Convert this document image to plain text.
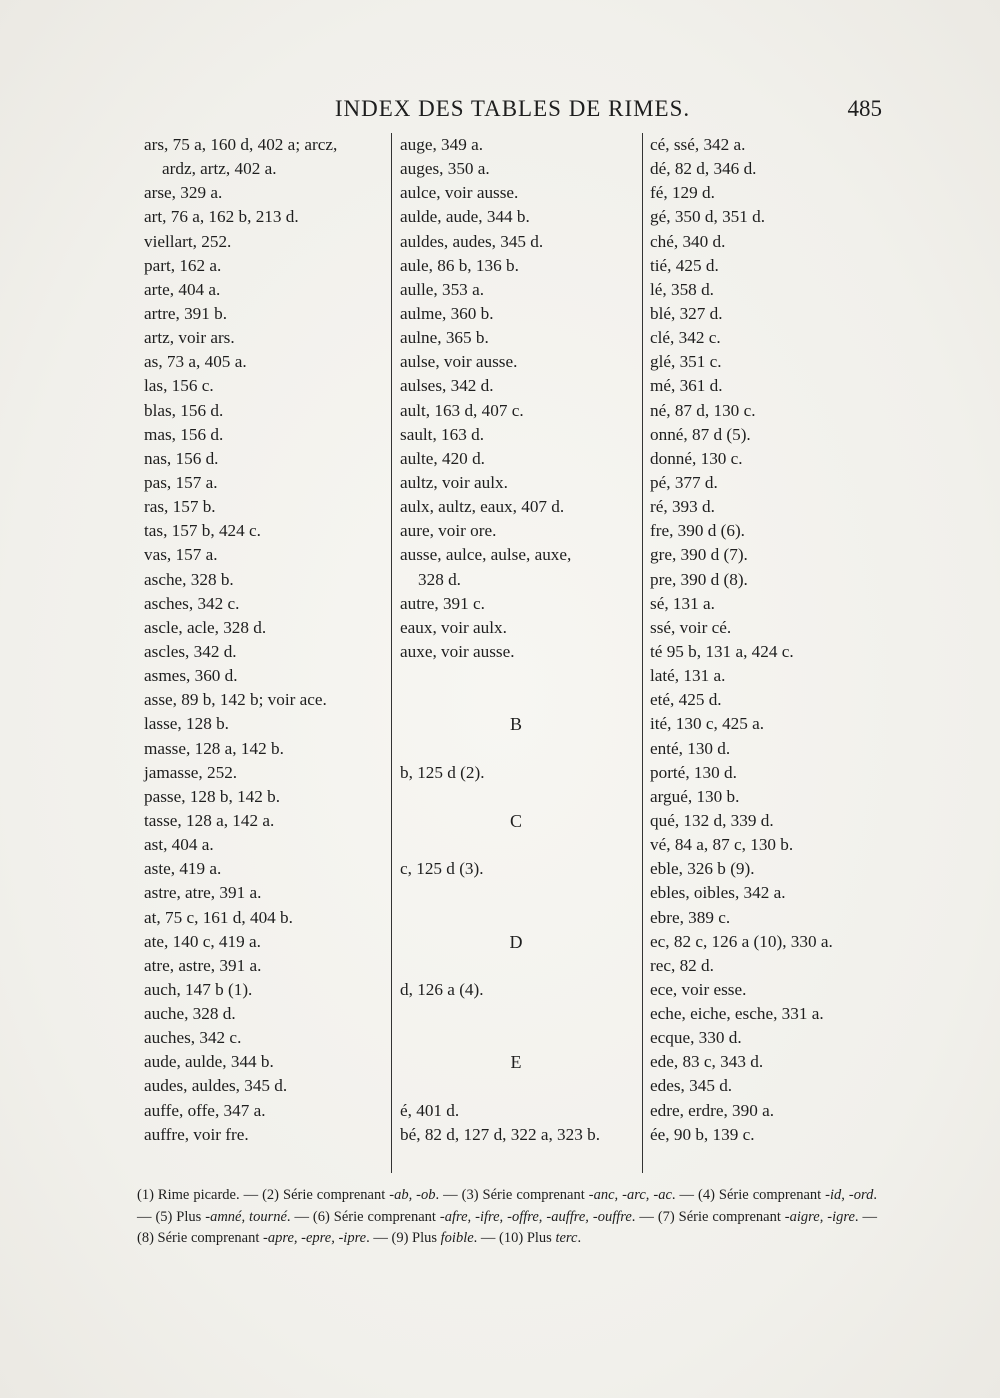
INDEX DES TABLES DE RIMES.	485
ars, 75 a, 160 d, 402 a; arcz,
ardz, artz, 402 a.
arse, 329 a.
art, 76 a, 162 b, 213 d.
viellart, 252.
part, 162 a.
arte, 404 a.
artre, 391 b.
artz, voir ars.
as, 73 a, 405 a.
las, 156 c.
blas, 156 d.
mas, 156 d.
nas, 156 d.
pas, 157 a.
ras, 157 b.
tas, 157 b, 424 c.
vas, 157 a.
asche, 328 b.
asches, 342 c.
ascle, acle, 328 d.
ascles, 342 d.
asmes, 360 d.
asse, 89 b, 142 b; voir ace.
lasse, 128 b.
masse, 128 a, 142 b.
jamasse, 252.
passe, 128 b, 142 b.
tasse, 128 a, 142 a.
ast, 404 a.
aste, 419 a.
astre, atre, 391 a.
at, 75 c, 161 d, 404 b.
ate, 140 c, 419 a.
atre, astre, 391 a.
auch, 147 b (1).
auche, 328 d.
auches, 342 c.
aude, aulde, 344 b.
audes, auldes, 345 d.
auffe, offe, 347 a.
auffre, voir fre.
auge, 349 a.
auges, 350 a.
aulce, voir ausse.
aulde, aude, 344 b.
auldes, audes, 345 d.
aule, 86 b, 136 b.
aulle, 353 a.
aulme, 360 b.
aulne, 365 b.
aulse, voir ausse.
aulses, 342 d.
ault, 163 d, 407 c.
sault, 163 d.
aulte, 420 d.
aultz, voir aulx.
aulx, aultz, eaux, 407 d.
aure, voir ore.
ausse, aulce, aulse, auxe,
328 d.
autre, 391 c.
eaux, voir aulx.
auxe, voir ausse.
B
b, 125 d (2).
C
c, 125 d (3).
D
d, 126 a (4).
E
é, 401 d.
bé, 82 d, 127 d, 322 a, 323 b.
cé, ssé, 342 a.
dé, 82 d, 346 d.
fé, 129 d.
gé, 350 d, 351 d.
ché, 340 d.
tié, 425 d.
lé, 358 d.
blé, 327 d.
clé, 342 c.
glé, 351 c.
mé, 361 d.
né, 87 d, 130 c.
onné, 87 d (5).
donné, 130 c.
pé, 377 d.
ré, 393 d.
fre, 390 d (6).
gre, 390 d (7).
pre, 390 d (8).
sé, 131 a.
ssé, voir cé.
té 95 b, 131 a, 424 c.
laté, 131 a.
eté, 425 d.
ité, 130 c, 425 a.
enté, 130 d.
porté, 130 d.
argué, 130 b.
qué, 132 d, 339 d.
vé, 84 a, 87 c, 130 b.
eble, 326 b (9).
ebles, oibles, 342 a.
ebre, 389 c.
ec, 82 c, 126 a (10), 330 a.
rec, 82 d.
ece, voir esse.
eche, eiche, esche, 331 a.
ecque, 330 d.
ede, 83 c, 343 d.
edes, 345 d.
edre, erdre, 390 a.
ée, 90 b, 139 c.
(1) Rime picarde. — (2) Série comprenant -ab, -ob. — (3) Série comprenant -anc, -arc, -ac. — (4) Série comprenant -id, -ord. — (5) Plus -amné, tourné. — (6) Série comprenant -afre, -ifre, -offre, -auffre, -ouffre. — (7) Série comprenant -aigre, -igre. — (8) Série comprenant -apre, -epre, -ipre. — (9) Plus foible. — (10) Plus terc.
